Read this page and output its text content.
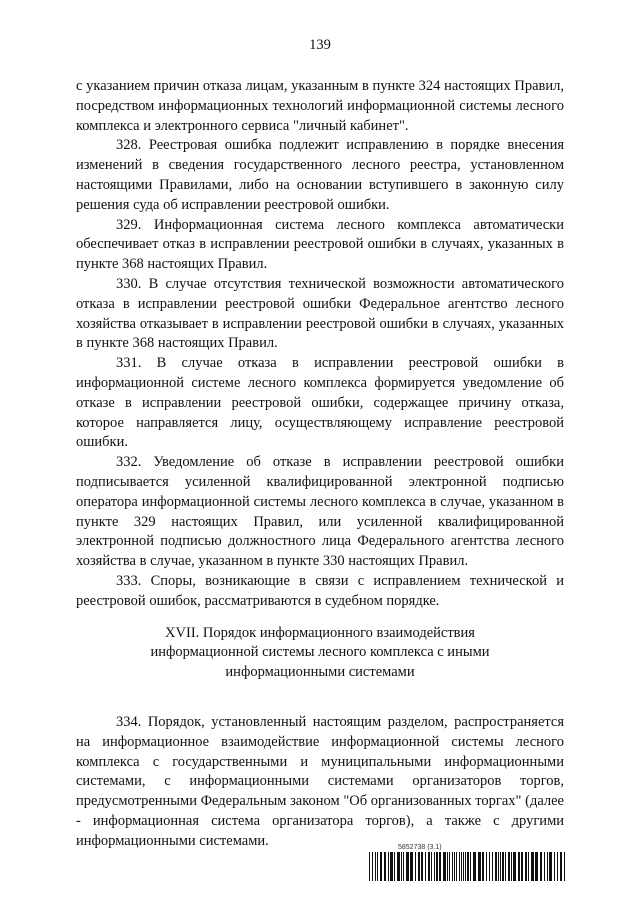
139

с указанием причин отказа лицам, указанным в пункте 324 настоящих Правил, посредством информационных технологий информационной системы лесного комплекса и электронного сервиса "личный кабинет".

328. Реестровая ошибка подлежит исправлению в порядке внесения изменений в сведения государственного лесного реестра, установленном настоящими Правилами, либо на основании вступившего в законную силу решения суда об исправлении реестровой ошибки.

329. Информационная система лесного комплекса автоматически обеспечивает отказ в исправлении реестровой ошибки в случаях, указанных в пункте 368 настоящих Правил.

330. В случае отсутствия технической возможности автоматического отказа в исправлении реестровой ошибки Федеральное агентство лесного хозяйства отказывает в исправлении реестровой ошибки в случаях, указанных в пункте 368 настоящих Правил.

331. В случае отказа в исправлении реестровой ошибки в информационной системе лесного комплекса формируется уведомление об отказе в исправлении реестровой ошибки, содержащее причину отказа, которое направляется лицу, осуществляющему исправление реестровой ошибки.

332. Уведомление об отказе в исправлении реестровой ошибки подписывается усиленной квалифицированной электронной подписью оператора информационной системы лесного комплекса в случае, указанном в пункте 329 настоящих Правил, или усиленной квалифицированной электронной подписью должностного лица Федерального агентства лесного хозяйства в случае, указанном в пункте 330 настоящих Правил.

333. Споры, возникающие в связи с исправлением технической и реестровой ошибок, рассматриваются в судебном порядке.

XVII. Порядок информационного взаимодействия
информационной системы лесного комплекса с иными
информационными системами

334. Порядок, установленный настоящим разделом, распространяется на информационное взаимодействие информационной системы лесного комплекса с государственными и муниципальными информационными системами, с информационными системами организаторов торгов, предусмотренными Федеральным законом "Об организованных торгах" (далее - информационная система организатора торгов), а также с другими информационными системами.	5852738 (3.1)
